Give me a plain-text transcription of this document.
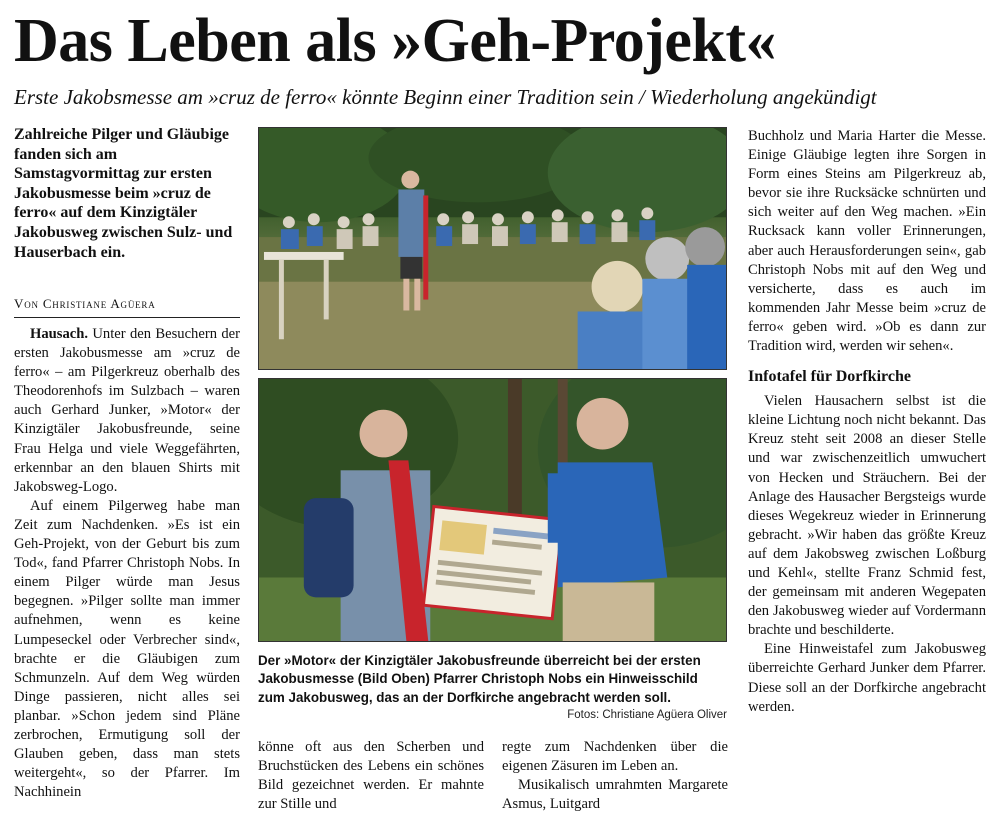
Das Leben als »Geh-Projekt«
Erste Jakobsmesse am »cruz de ferro« könnte Beginn einer Tradition sein / Wiederholung angekündigt
Zahlreiche Pilger und Gläubige fanden sich am Samstagvormittag zur ersten Jakobusmesse beim »cruz de ferro« auf dem Kinzigtäler Jakobusweg zwischen Sulz- und Hauserbach ein.
Von Christiane Agüera

Hausach. Unter den Besuchern der ersten Jakobusmesse am »cruz de ferro« – am Pilgerkreuz oberhalb des Theodorenhofs im Sulzbach – waren auch Gerhard Junker, »Motor« der Kinzigtäler Jakobusfreunde, seine Frau Helga und viele Weggefährten, erkennbar an den blauen Shirts mit Jakobsweg-Logo.

Auf einem Pilgerweg habe man Zeit zum Nachdenken. »Es ist ein Geh-Projekt, von der Geburt bis zum Tod«, fand Pfarrer Christoph Nobs. In einem Pilger würde man Jesus begegnen. »Pilger sollte man immer aufnehmen, wenn es keine Lumpeseckel oder Verbrecher sind«, brachte er die Gläubigen zum Schmunzeln. Auf dem Weg würden Dinge passieren, nicht alles sei planbar. »Schon jedem sind Pläne zerbrochen, Ermutigung soll der Glauben geben, dass man stets weitergeht«, so der Pfarrer. Im Nachhinein

Der »Motor« der Kinzigtäler Jakobusfreunde überreicht bei der ersten Jakobusmesse (Bild Oben) Pfarrer Christoph Nobs ein Hinweisschild zum Jakobusweg, das an der Dorfkirche angebracht werden soll.
Fotos: Christiane Agüera Oliver

könne oft aus den Scherben und Bruchstücken des Lebens ein schönes Bild gezeichnet werden. Er mahnte zur Stille und

regte zum Nachdenken über die eigenen Zäsuren im Leben an.

Musikalisch umrahmten Margarete Asmus, Luitgard

Buchholz und Maria Harter die Messe. Einige Gläubige legten ihre Sorgen in Form eines Steins am Pilgerkreuz ab, bevor sie ihre Rucksäcke schnürten und sich weiter auf den Weg machen. »Ein Rucksack kann voller Erinnerungen, aber auch Herausforderungen sein«, gab Christoph Nobs mit auf den Weg und versicherte, dass es auch im kommenden Jahr Messe beim »cruz de ferro« geben wird. »Ob es dann zur Tradition wird, werden wir sehen«.

Infotafel für Dorfkirche

Vielen Hausachern selbst ist die kleine Lichtung noch nicht bekannt. Das Kreuz steht seit 2008 an dieser Stelle und war zwischenzeitlich umwuchert von Hecken und Sträuchern. Bei der Anlage des Hausacher Bergsteigs wurde dieses Wegekreuz wieder in Erinnerung gebracht. »Wir haben das größte Kreuz auf dem Jakobsweg zwischen Loßburg und Kehl«, stellte Franz Schmid fest, der gemeinsam mit anderen Wegepaten den Jakobusweg wieder auf Vordermann brachte und beschilderte.

Eine Hinweistafel zum Jakobusweg überreichte Gerhard Junker dem Pfarrer. Diese soll an der Dorfkirche angebracht werden.
